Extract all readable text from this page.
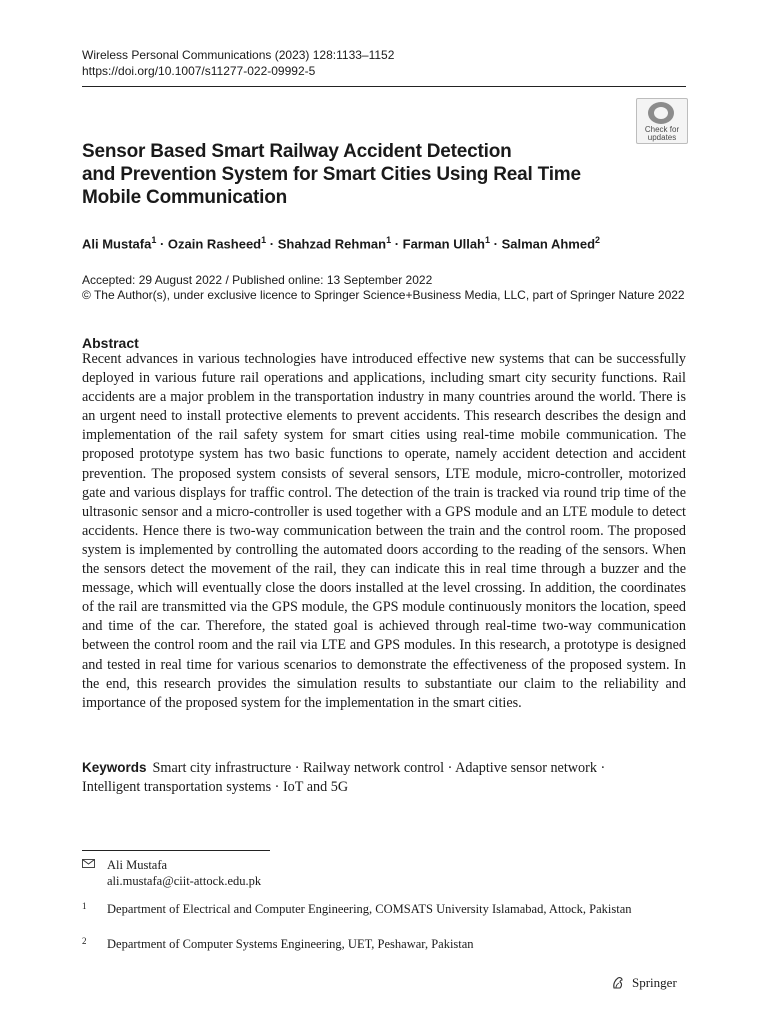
Wireless Personal Communications (2023) 128:1133–1152
https://doi.org/10.1007/s11277-022-09992-5
Check for
updates
Sensor Based Smart Railway Accident Detection
and Prevention System for Smart Cities Using Real Time
Mobile Communication
Ali Mustafa$^1$ · Ozain Rasheed$^1$ · Shahzad Rehman$^1$ · Farman Ullah$^1$ · Salman Ahmed$^2$
Accepted: 29 August 2022 / Published online: 13 September 2022
© The Author(s), under exclusive licence to Springer Science+Business Media, LLC, part of Springer Nature 2022
Abstract

Recent advances in various technologies have introduced effective new systems that can be successfully deployed in various future rail operations and applications, including smart city security functions. Rail accidents are a major problem in the transportation industry in many countries around the world. There is an urgent need to install protective elements to prevent accidents. This research describes the design and implementation of the rail safety system for smart cities using real-time mobile communication. The proposed prototype system has two basic functions to operate, namely accident detection and accident prevention. The proposed system consists of several sensors, LTE module, micro-controller, motorized gate and various displays for traffic control. The detection of the train is tracked via round trip time of the ultrasonic sensor and a micro-controller is used together with a GPS module and an LTE module to detect accidents. Hence there is two-way communication between the train and the control room. The proposed system is implemented by controlling the automated doors according to the reading of the sensors. When the sensors detect the movement of the rail, they can indicate this in real time through a buzzer and the message, which will eventually close the doors installed at the level crossing. In addition, the coordinates of the rail are transmitted via the GPS module, the GPS module continuously monitors the location, speed and time of the car. Therefore, the stated goal is achieved through real-time two-way communication between the control room and the rail via LTE and GPS modules. In this research, a prototype is designed and tested in real time for various scenarios to demonstrate the effectiveness of the proposed system. In the end, this research provides the simulation results to substantiate our claim to the reliability and importance of the proposed system for the implementation in the smart cities.

Keywords Smart city infrastructure · Railway network control · Adaptive sensor network ·
Intelligent transportation systems · IoT and 5G
Ali Mustafa
ali.mustafa@ciit-attock.edu.pk
1 Department of Electrical and Computer Engineering, COMSATS University Islamabad, Attock, Pakistan
2 Department of Computer Systems Engineering, UET, Peshawar, Pakistan
Springer
